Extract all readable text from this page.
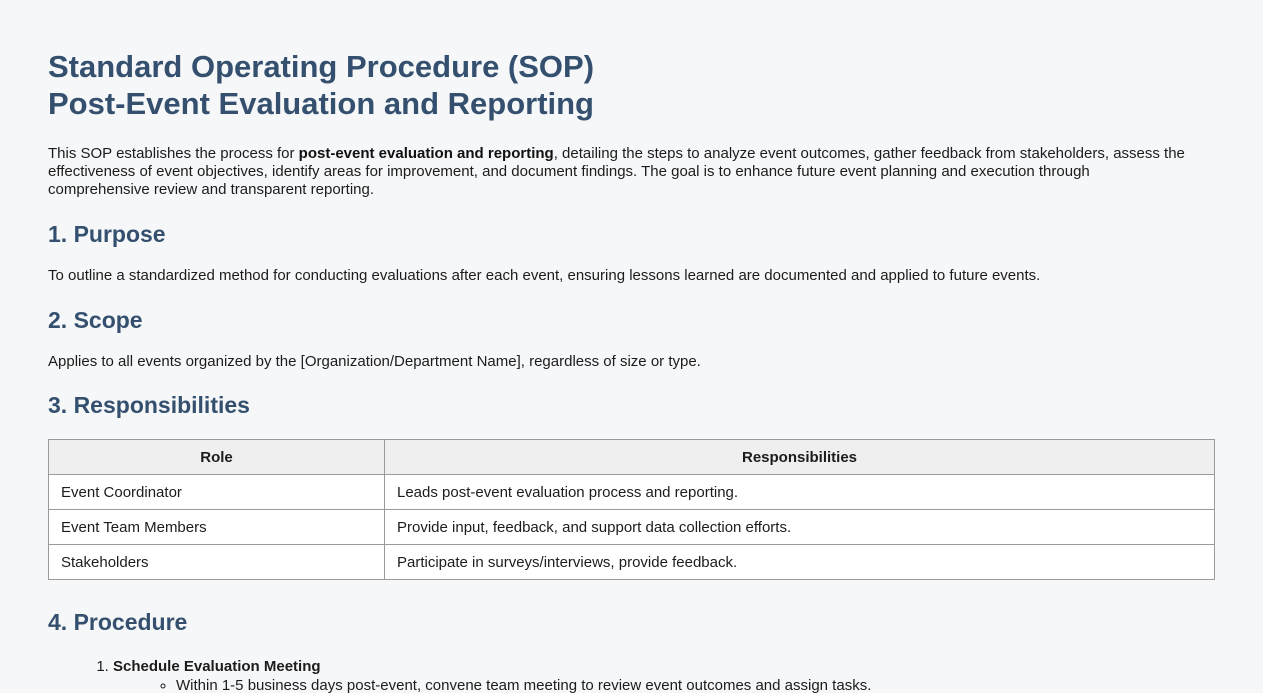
Standard Operating Procedure (SOP)
Post-Event Evaluation and Reporting
This SOP establishes the process for post-event evaluation and reporting, detailing the steps to analyze event outcomes, gather feedback from stakeholders, assess the effectiveness of event objectives, identify areas for improvement, and document findings. The goal is to enhance future event planning and execution through comprehensive review and transparent reporting.
1. Purpose

To outline a standardized method for conducting evaluations after each event, ensuring lessons learned are documented and applied to future events.

2. Scope

Applies to all events organized by the [Organization/Department Name], regardless of size or type.

3. Responsibilities
Role	Responsibilities
Event Coordinator	Leads post-event evaluation process and reporting.
Event Team Members	Provide input, feedback, and support data collection efforts.
Stakeholders	Participate in surveys/interviews, provide feedback.
4. Procedure
1. Schedule Evaluation Meeting
◦ Within 1-5 business days post-event, convene team meeting to review event outcomes and assign tasks.
